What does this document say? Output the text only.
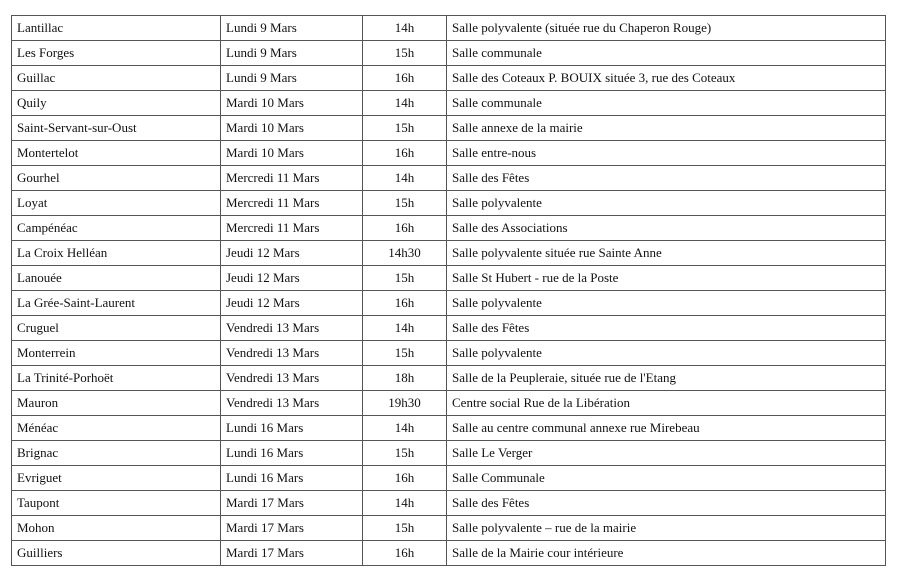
Lantillac	Lundi 9 Mars	14h	Salle polyvalente (située rue du Chaperon Rouge)
Les Forges	Lundi 9 Mars	15h	Salle communale
Guillac	Lundi 9 Mars	16h	Salle des Coteaux P. BOUIX située 3, rue des Coteaux
Quily	Mardi 10 Mars	14h	Salle communale
Saint-Servant-sur-Oust	Mardi 10 Mars	15h	Salle annexe de la mairie
Montertelot	Mardi 10 Mars	16h	Salle entre-nous
Gourhel	Mercredi 11 Mars	14h	Salle des Fêtes
Loyat	Mercredi 11 Mars	15h	Salle polyvalente
Campénéac	Mercredi 11 Mars	16h	Salle des Associations
La Croix Helléan	Jeudi 12 Mars	14h30	Salle polyvalente située rue Sainte Anne
Lanouée	Jeudi 12 Mars	15h	Salle St Hubert - rue de la Poste
La Grée-Saint-Laurent	Jeudi 12 Mars	16h	Salle polyvalente
Cruguel	Vendredi 13 Mars	14h	Salle des Fêtes
Monterrein	Vendredi 13 Mars	15h	Salle polyvalente
La Trinité-Porhoët	Vendredi 13 Mars	18h	Salle de la Peupleraie, située rue de l'Etang
Mauron	Vendredi 13 Mars	19h30	Centre social Rue de la Libération
Ménéac	Lundi 16 Mars	14h	Salle au centre communal annexe rue Mirebeau
Brignac	Lundi 16 Mars	15h	Salle Le Verger
Evriguet	Lundi 16 Mars	16h	Salle Communale
Taupont	Mardi 17 Mars	14h	Salle des Fêtes
Mohon	Mardi 17 Mars	15h	Salle polyvalente – rue de la mairie
Guilliers	Mardi 17 Mars	16h	Salle de la Mairie cour intérieure
